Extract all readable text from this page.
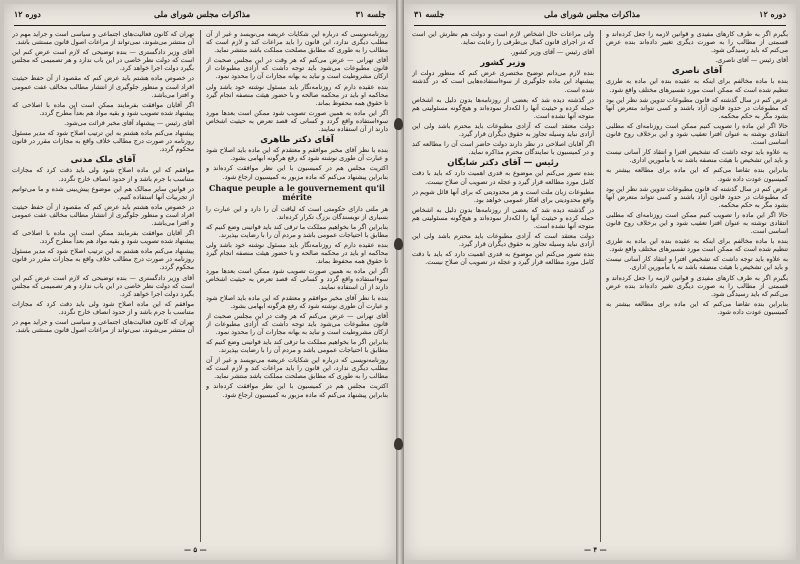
دوره ۱۲	مذاکرات مجلس شورای ملی	جلسه ۳۱

روزنامه‌نویسی که درباره این شکایات عریضه می‌نویسد و غیر از آن مطلب دیگری ندارد، این قانون را باید مراعات کند و لازم است که مطالب را به طوری که مطابق مصلحت مملکت باشد منتشر نماید.

آقای تهرانی — عرض می‌کنم که هر وقت در این مجلس صحبت از قانون مطبوعات می‌شود باید توجه داشت که آزادی مطبوعات از ارکان مشروطیت است و نباید به بهانه مجازات آن را محدود نمود.

بنده عقیده دارم که روزنامه‌نگار باید مسئول نوشته خود باشد ولی محاکمه او باید در محکمه صالحه و با حضور هیئت منصفه انجام گیرد تا حقوق همه محفوظ بماند.

اگر این ماده به همین صورت تصویب شود ممکن است بعدها مورد سوءاستفاده واقع گردد و کسانی که قصد تعرض به حیثیت اشخاص دارند از آن استفاده نمایند.

آقای دکتر طاهری

بنده با نظر آقای مخبر موافقم و معتقدم که این ماده باید اصلاح شود و عبارت آن طوری نوشته شود که رفع هرگونه ابهامی بشود.

اکثریت مجلس هم در کمیسیون با این نظر موافقت کرده‌اند و بنابراین پیشنهاد می‌کنم که ماده مزبور به کمیسیون ارجاع شود.

Chaque peuple a le gouvernement qu'il mérite

هر ملتی دارای حکومتی است که لیاقت آن را دارد و این عبارت را بسیاری از نویسندگان بزرگ تکرار کرده‌اند.

بنابراین اگر ما بخواهیم مملکت ما ترقی کند باید قوانینی وضع کنیم که مطابق با احتیاجات عمومی باشد و مردم آن را با رضایت بپذیرند.

بنده عقیده دارم که روزنامه‌نگار باید مسئول نوشته خود باشد ولی محاکمه او باید در محکمه صالحه و با حضور هیئت منصفه انجام گیرد تا حقوق همه محفوظ بماند.

اگر این ماده به همین صورت تصویب شود ممکن است بعدها مورد سوءاستفاده واقع گردد و کسانی که قصد تعرض به حیثیت اشخاص دارند از آن استفاده نمایند.

بنده با نظر آقای مخبر موافقم و معتقدم که این ماده باید اصلاح شود و عبارت آن طوری نوشته شود که رفع هرگونه ابهامی بشود.

آقای تهرانی — عرض می‌کنم که هر وقت در این مجلس صحبت از قانون مطبوعات می‌شود باید توجه داشت که آزادی مطبوعات از ارکان مشروطیت است و نباید به بهانه مجازات آن را محدود نمود.

بنابراین اگر ما بخواهیم مملکت ما ترقی کند باید قوانینی وضع کنیم که مطابق با احتیاجات عمومی باشد و مردم آن را با رضایت بپذیرند.

روزنامه‌نویسی که درباره این شکایات عریضه می‌نویسد و غیر از آن مطلب دیگری ندارد، این قانون را باید مراعات کند و لازم است که مطالب را به طوری که مطابق مصلحت مملکت باشد منتشر نماید.

اکثریت مجلس هم در کمیسیون با این نظر موافقت کرده‌اند و بنابراین پیشنهاد می‌کنم که ماده مزبور به کمیسیون ارجاع شود.

تهران که کانون فعالیت‌های اجتماعی و سیاسی است و جراید مهم در آن منتشر می‌شوند، نمی‌تواند از مراعات اصول قانون مستثنی باشد.

آقای وزیر دادگستری — بنده توضیحی که لازم است عرض کنم این است که دولت نظر خاصی در این باب ندارد و هر تصمیمی که مجلس بگیرد دولت اجرا خواهد کرد.

در خصوص ماده هشتم باید عرض کنم که مقصود از آن حفظ حیثیت افراد است و منظور جلوگیری از انتشار مطالب مخالف عفت عمومی و افترا می‌باشد.

اگر آقایان موافقت بفرمایند ممکن است این ماده با اصلاحی که پیشنهاد شده تصویب شود و بقیه مواد هم بعداً مطرح گردد.

آقای رئیس — پیشنهاد آقای مخبر قرائت می‌شود.

پیشنهاد می‌کنم ماده هشتم به این ترتیب اصلاح شود که مدیر مسئول روزنامه در صورت درج مطالب خلاف واقع به مجازات مقرر در قانون محکوم گردد.

آقای ملک مدنی

موافقم که این ماده اصلاح شود ولی باید دقت کرد که مجازات متناسب با جرم باشد و از حدود انصاف خارج نگردد.

در قوانین سایر ممالک هم این موضوع پیش‌بینی شده و ما می‌توانیم از تجربیات آنها استفاده کنیم.

در خصوص ماده هشتم باید عرض کنم که مقصود از آن حفظ حیثیت افراد است و منظور جلوگیری از انتشار مطالب مخالف عفت عمومی و افترا می‌باشد.

اگر آقایان موافقت بفرمایند ممکن است این ماده با اصلاحی که پیشنهاد شده تصویب شود و بقیه مواد هم بعداً مطرح گردد.

پیشنهاد می‌کنم ماده هشتم به این ترتیب اصلاح شود که مدیر مسئول روزنامه در صورت درج مطالب خلاف واقع به مجازات مقرر در قانون محکوم گردد.

آقای وزیر دادگستری — بنده توضیحی که لازم است عرض کنم این است که دولت نظر خاصی در این باب ندارد و هر تصمیمی که مجلس بگیرد دولت اجرا خواهد کرد.

موافقم که این ماده اصلاح شود ولی باید دقت کرد که مجازات متناسب با جرم باشد و از حدود انصاف خارج نگردد.

تهران که کانون فعالیت‌های اجتماعی و سیاسی است و جراید مهم در آن منتشر می‌شوند، نمی‌تواند از مراعات اصول قانون مستثنی باشد.

— ۵ —
جلسه ۳۱	مذاکرات مجلس شورای ملی	دوره ۱۲

بگیرم اگر به طرف کارهای مفیدی و قوانین لازمه را جعل کرده‌اند و قسمتی از مطالب را به صورت دیگری تغییر داده‌اند بنده عرض می‌کنم که باید رسیدگی شود.

آقای رئیس — آقای ناصری.

آقای ناصری

بنده با ماده مخالفم برای اینکه به عقیده بنده این ماده به طرزی تنظیم شده است که ممکن است مورد تفسیرهای مختلف واقع شود.

عرض کنم در سال گذشته که قانون مطبوعات تدوین شد نظر این بود که مطبوعات در حدود قانون آزاد باشند و کسی نتواند متعرض آنها بشود مگر به حکم محکمه.

حالا اگر این ماده را تصویب کنیم ممکن است روزنامه‌ای که مطلبی انتقادی نوشته به عنوان افترا تعقیب شود و این برخلاف روح قانون اساسی است.

به علاوه باید توجه داشت که تشخیص افترا و انتقاد کار آسانی نیست و باید این تشخیص با هیئت منصفه باشد نه با مأمورین اداری.

بنابراین بنده تقاضا می‌کنم که این ماده برای مطالعه بیشتر به کمیسیون عودت داده شود.

عرض کنم در سال گذشته که قانون مطبوعات تدوین شد نظر این بود که مطبوعات در حدود قانون آزاد باشند و کسی نتواند متعرض آنها بشود مگر به حکم محکمه.

حالا اگر این ماده را تصویب کنیم ممکن است روزنامه‌ای که مطلبی انتقادی نوشته به عنوان افترا تعقیب شود و این برخلاف روح قانون اساسی است.

بنده با ماده مخالفم برای اینکه به عقیده بنده این ماده به طرزی تنظیم شده است که ممکن است مورد تفسیرهای مختلف واقع شود.

به علاوه باید توجه داشت که تشخیص افترا و انتقاد کار آسانی نیست و باید این تشخیص با هیئت منصفه باشد نه با مأمورین اداری.

بگیرم اگر به طرف کارهای مفیدی و قوانین لازمه را جعل کرده‌اند و قسمتی از مطالب را به صورت دیگری تغییر داده‌اند بنده عرض می‌کنم که باید رسیدگی شود.

بنابراین بنده تقاضا می‌کنم که این ماده برای مطالعه بیشتر به کمیسیون عودت داده شود.

ولی مراعات حال اشخاص لازم است و دولت هم نظرش این است که در اجرای قانون کمال بی‌طرفی را رعایت نماید.

آقای رئیس — آقای وزیر کشور.

وزیر کشور

بنده لازم می‌دانم توضیح مختصری عرض کنم که منظور دولت از پیشنهاد این ماده جلوگیری از سوءاستفاده‌هایی است که در گذشته شده است.

در گذشته دیده شد که بعضی از روزنامه‌ها بدون دلیل به اشخاص حمله کرده و حیثیت آنها را لکه‌دار نموده‌اند و هیچ‌گونه مسئولیتی هم متوجه آنها نشده است.

دولت معتقد است که آزادی مطبوعات باید محترم باشد ولی این آزادی نباید وسیله تجاوز به حقوق دیگران قرار گیرد.

اگر آقایان اصلاحی در نظر دارند دولت حاضر است آن را مطالعه کند و در کمیسیون با نمایندگان محترم مذاکره نماید.

رئیس — آقای دکتر شایگان

بنده تصور می‌کنم این موضوع به قدری اهمیت دارد که باید با دقت کامل مورد مطالعه قرار گیرد و عجله در تصویب آن صلاح نیست.

مطبوعات زبان ملت است و هر محدودیتی که برای آنها قائل شویم در واقع محدودیتی برای افکار عمومی خواهد بود.

در گذشته دیده شد که بعضی از روزنامه‌ها بدون دلیل به اشخاص حمله کرده و حیثیت آنها را لکه‌دار نموده‌اند و هیچ‌گونه مسئولیتی هم متوجه آنها نشده است.

دولت معتقد است که آزادی مطبوعات باید محترم باشد ولی این آزادی نباید وسیله تجاوز به حقوق دیگران قرار گیرد.

بنده تصور می‌کنم این موضوع به قدری اهمیت دارد که باید با دقت کامل مورد مطالعه قرار گیرد و عجله در تصویب آن صلاح نیست.

— ۴ —
